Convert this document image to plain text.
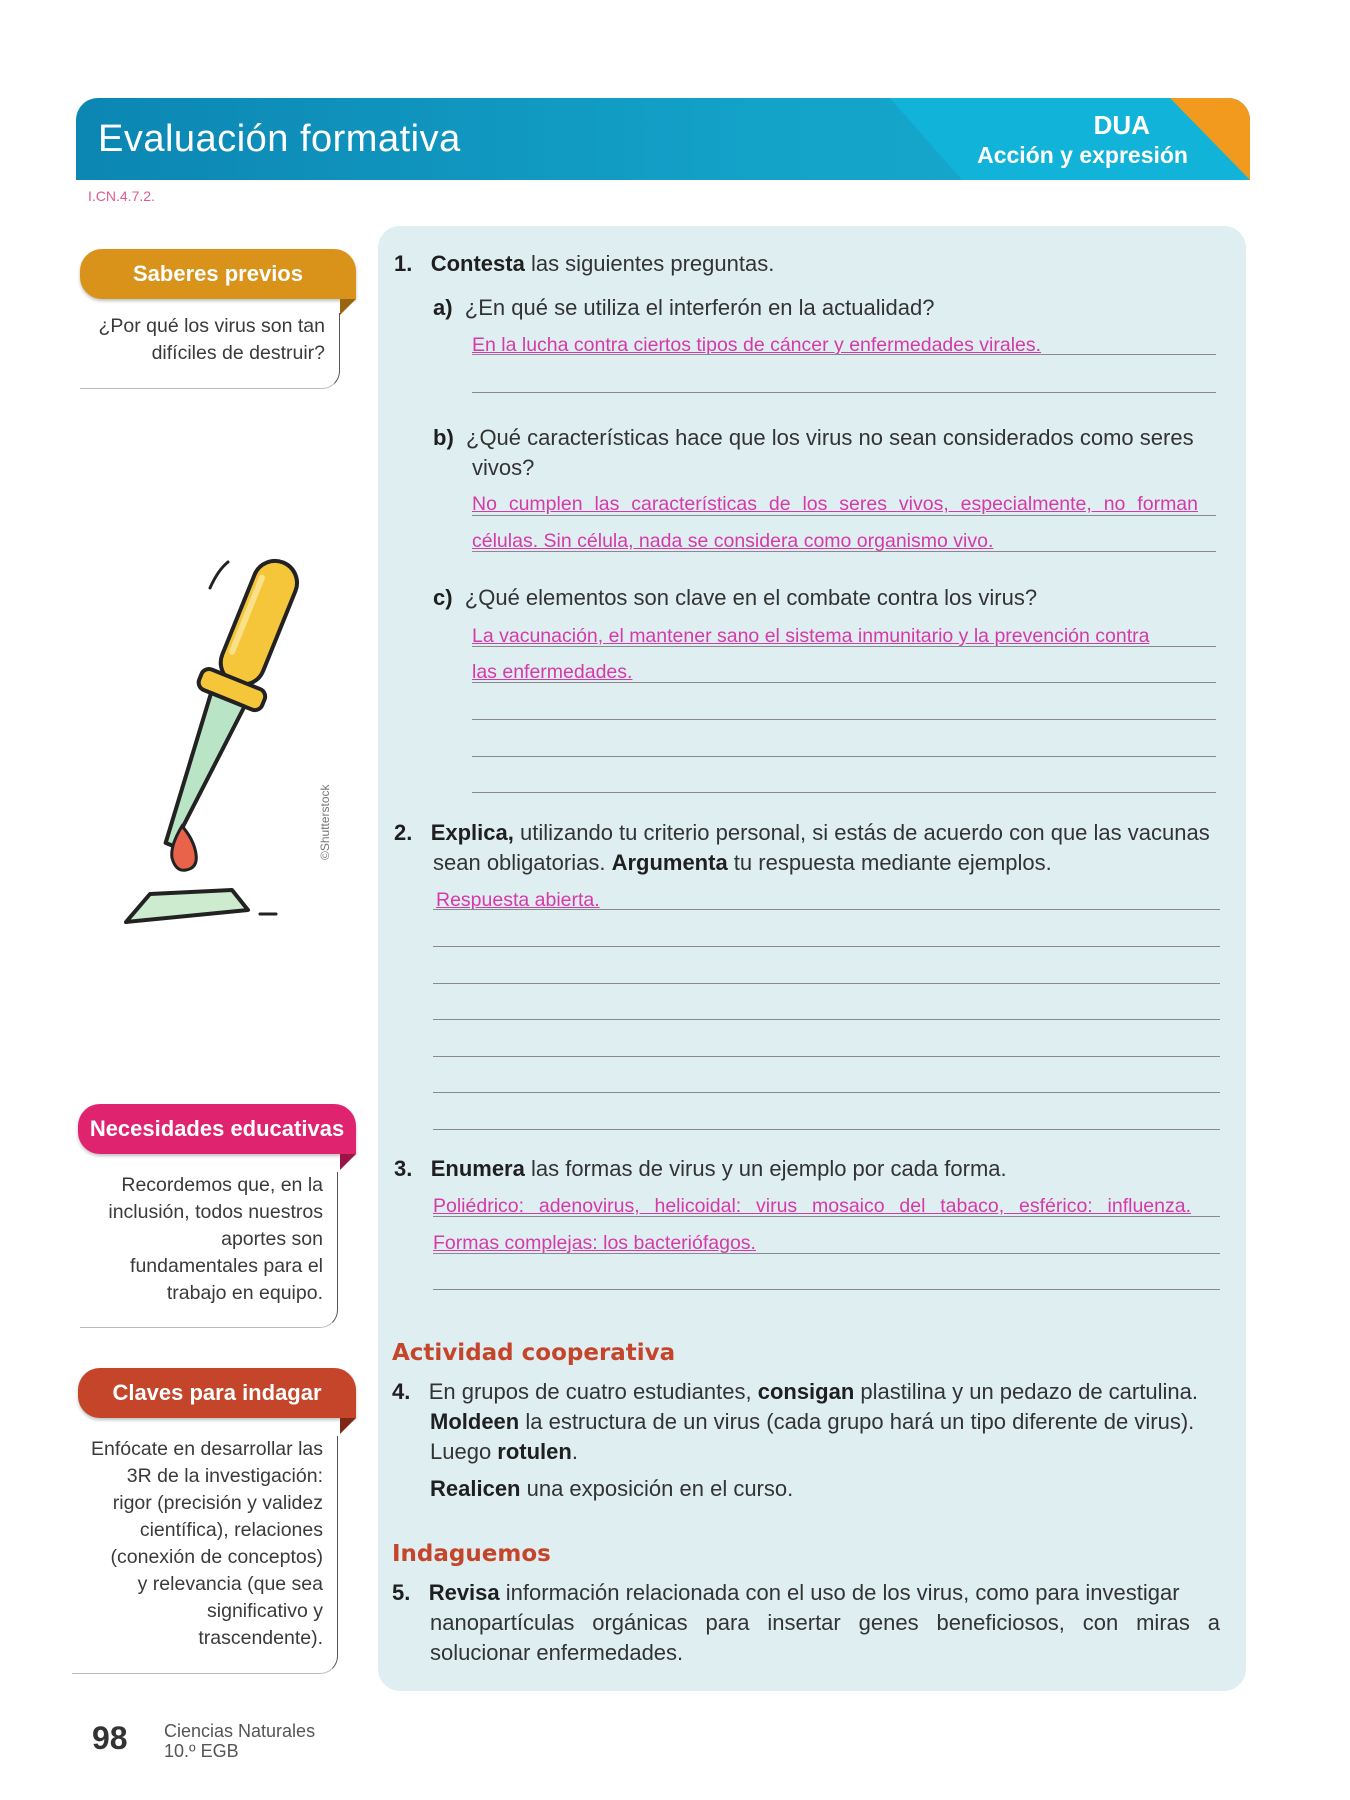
Evaluación formativa	DUA
Acción y expresión
I.CN.4.7.2.
Saberes previos
¿Por qué los virus son tan
difíciles de destruir?
©Shutterstock
Necesidades educativas
Recordemos que, en la
inclusión, todos nuestros
aportes son
fundamentales para el
trabajo en equipo.
Claves para indagar
Enfócate en desarrollar las
3R de la investigación:
rigor (precisión y validez
científica), relaciones
(conexión de conceptos)
y relevancia (que sea
significativo y
trascendente).
1. Contesta las siguientes preguntas.
a) ¿En qué se utiliza el interferón en la actualidad?
En la lucha contra ciertos tipos de cáncer y enfermedades virales.
b) ¿Qué características hace que los virus no sean considerados como seres
vivos?
No cumplen las características de los seres vivos, especialmente, no forman
células. Sin célula, nada se considera como organismo vivo.
c) ¿Qué elementos son clave en el combate contra los virus?
La vacunación, el mantener sano el sistema inmunitario y la prevención contra
las enfermedades.
2. Explica, utilizando tu criterio personal, si estás de acuerdo con que las vacunas
sean obligatorias. Argumenta tu respuesta mediante ejemplos.
Respuesta abierta.
3. Enumera las formas de virus y un ejemplo por cada forma.
Poliédrico: adenovirus, helicoidal: virus mosaico del tabaco, esférico: influenza.
Formas complejas: los bacteriófagos.
Actividad cooperativa
4. En grupos de cuatro estudiantes, consigan plastilina y un pedazo de cartulina.
Moldeen la estructura de un virus (cada grupo hará un tipo diferente de virus).
Luego rotulen.
Realicen una exposición en el curso.
Indaguemos
5. Revisa información relacionada con el uso de los virus, como para investigar
nanopartículas orgánicas para insertar genes beneficiosos, con miras a
solucionar enfermedades.
98 Ciencias Naturales
10.º EGB
